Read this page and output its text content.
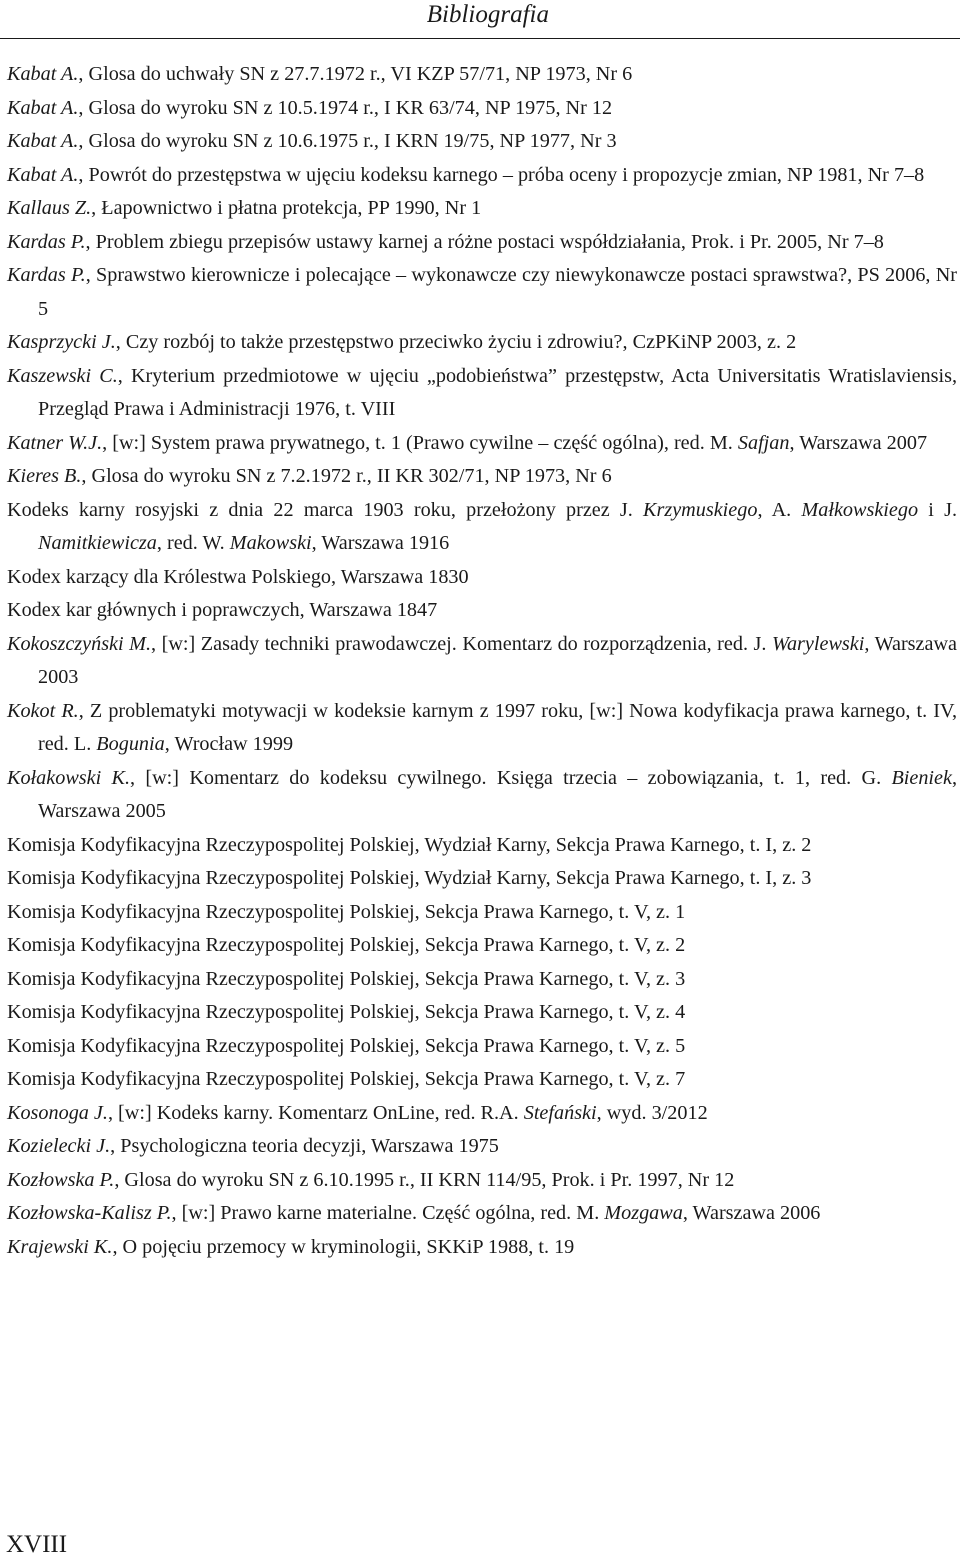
Bibliografia
Kabat A., Glosa do uchwały SN z 27.7.1972 r., VI KZP 57/71, NP 1973, Nr 6
Kabat A., Glosa do wyroku SN z 10.5.1974 r., I KR 63/74, NP 1975, Nr 12
Kabat A., Glosa do wyroku SN z 10.6.1975 r., I KRN 19/75, NP 1977, Nr 3
Kabat A., Powrót do przestępstwa w ujęciu kodeksu karnego – próba oceny i propozycje zmian, NP 1981, Nr 7–8
Kallaus Z., Łapownictwo i płatna protekcja, PP 1990, Nr 1
Kardas P., Problem zbiegu przepisów ustawy karnej a różne postaci współdziałania, Prok. i Pr. 2005, Nr 7–8
Kardas P., Sprawstwo kierownicze i polecające – wykonawcze czy niewykonawcze postaci sprawstwa?, PS 2006, Nr 5
Kasprzycki J., Czy rozbój to także przestępstwo przeciwko życiu i zdrowiu?, CzPKiNP 2003, z. 2
Kaszewski C., Kryterium przedmiotowe w ujęciu „podobieństwa” przestępstw, Acta Universitatis Wratislaviensis, Przegląd Prawa i Administracji 1976, t. VIII
Katner W.J., [w:] System prawa prywatnego, t. 1 (Prawo cywilne – część ogólna), red. M. Safjan, Warszawa 2007
Kieres B., Glosa do wyroku SN z 7.2.1972 r., II KR 302/71, NP 1973, Nr 6
Kodeks karny rosyjski z dnia 22 marca 1903 roku, przełożony przez J. Krzymuskiego, A. Małkowskiego i J. Namitkiewicza, red. W. Makowski, Warszawa 1916
Kodex karzący dla Królestwa Polskiego, Warszawa 1830
Kodex kar głównych i poprawczych, Warszawa 1847
Kokoszczyński M., [w:] Zasady techniki prawodawczej. Komentarz do rozporządzenia, red. J. Warylewski, Warszawa 2003
Kokot R., Z problematyki motywacji w kodeksie karnym z 1997 roku, [w:] Nowa kodyfikacja prawa karnego, t. IV, red. L. Bogunia, Wrocław 1999
Kołakowski K., [w:] Komentarz do kodeksu cywilnego. Księga trzecia – zobowiązania, t. 1, red. G. Bieniek, Warszawa 2005
Komisja Kodyfikacyjna Rzeczypospolitej Polskiej, Wydział Karny, Sekcja Prawa Karnego, t. I, z. 2
Komisja Kodyfikacyjna Rzeczypospolitej Polskiej, Wydział Karny, Sekcja Prawa Karnego, t. I, z. 3
Komisja Kodyfikacyjna Rzeczypospolitej Polskiej, Sekcja Prawa Karnego, t. V, z. 1
Komisja Kodyfikacyjna Rzeczypospolitej Polskiej, Sekcja Prawa Karnego, t. V, z. 2
Komisja Kodyfikacyjna Rzeczypospolitej Polskiej, Sekcja Prawa Karnego, t. V, z. 3
Komisja Kodyfikacyjna Rzeczypospolitej Polskiej, Sekcja Prawa Karnego, t. V, z. 4
Komisja Kodyfikacyjna Rzeczypospolitej Polskiej, Sekcja Prawa Karnego, t. V, z. 5
Komisja Kodyfikacyjna Rzeczypospolitej Polskiej, Sekcja Prawa Karnego, t. V, z. 7
Kosonoga J., [w:] Kodeks karny. Komentarz OnLine, red. R.A. Stefański, wyd. 3/2012
Kozielecki J., Psychologiczna teoria decyzji, Warszawa 1975
Kozłowska P., Glosa do wyroku SN z 6.10.1995 r., II KRN 114/95, Prok. i Pr. 1997, Nr 12
Kozłowska-Kalisz P., [w:] Prawo karne materialne. Część ogólna, red. M. Mozgawa, Warszawa 2006
Krajewski K., O pojęciu przemocy w kryminologii, SKKiP 1988, t. 19
XVIII
